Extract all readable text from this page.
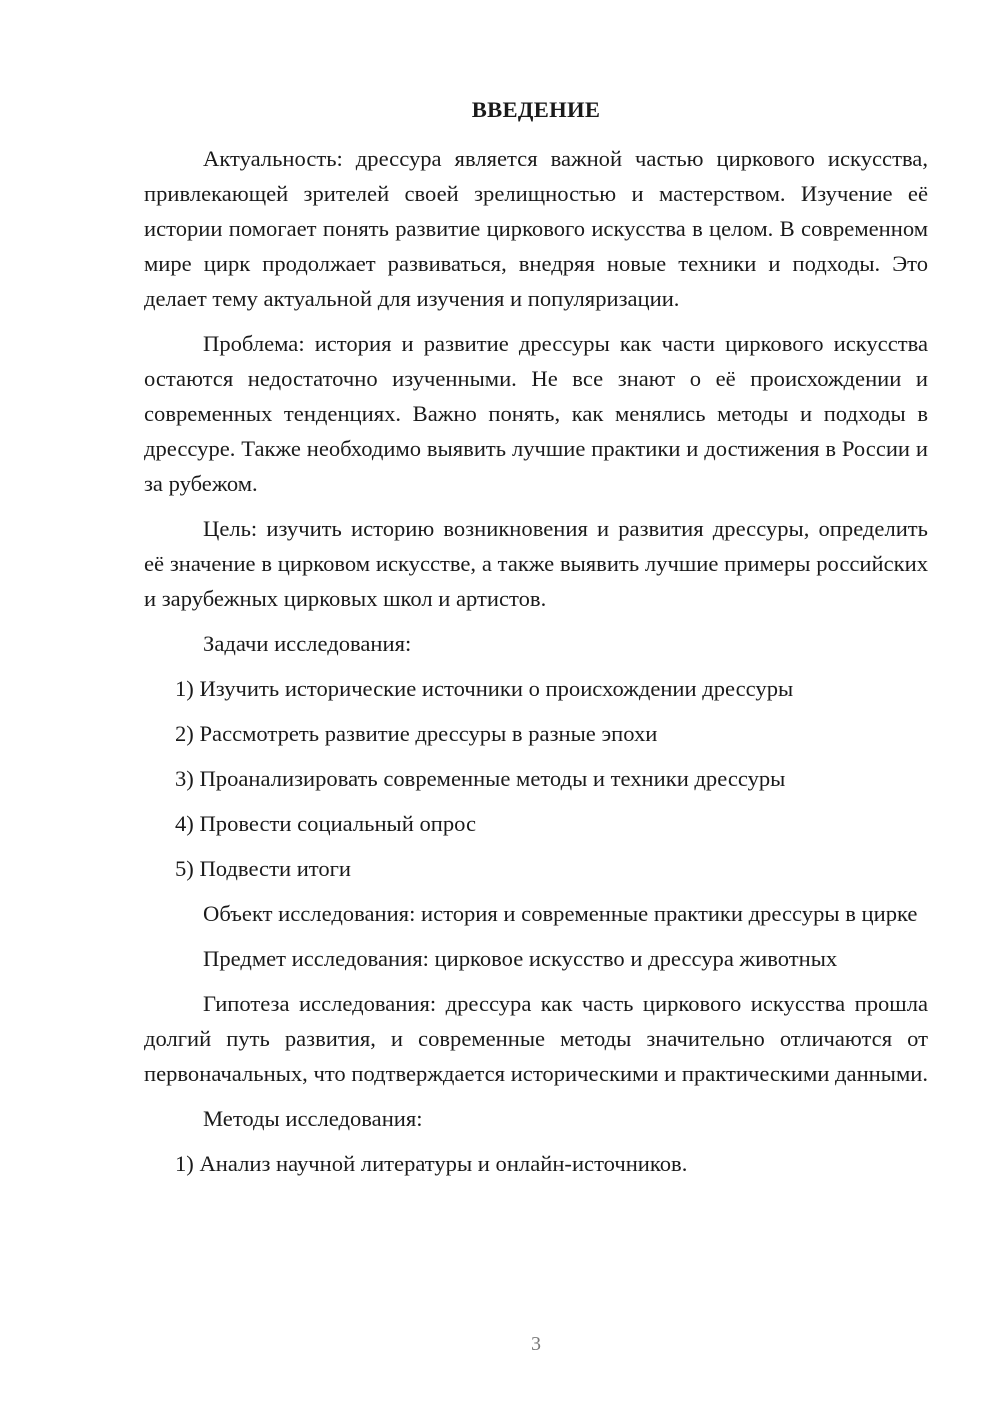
ВВЕДЕНИЕ

Актуальность: дрессура является важной частью циркового искусства, привлекающей зрителей своей зрелищностью и мастерством. Изучение её истории помогает понять развитие циркового искусства в целом. В современном мире цирк продолжает развиваться, внедряя новые техники и подходы. Это делает тему актуальной для изучения и популяризации.

Проблема: история и развитие дрессуры как части циркового искусства остаются недостаточно изученными. Не все знают о её происхождении и современных тенденциях. Важно понять, как менялись методы и подходы в дрессуре. Также необходимо выявить лучшие практики и достижения в России и за рубежом.

Цель: изучить историю возникновения и развития дрессуры, определить её значение в цирковом искусстве, а также выявить лучшие примеры российских и зарубежных цирковых школ и артистов.

Задачи исследования:

1) Изучить исторические источники о происхождении дрессуры
2) Рассмотреть развитие дрессуры в разные эпохи
3) Проанализировать современные методы и техники дрессуры
4) Провести социальный опрос
5) Подвести итоги

Объект исследования: история и современные практики дрессуры в цирке

Предмет исследования: цирковое искусство и дрессура животных

Гипотеза исследования: дрессура как часть циркового искусства прошла долгий путь развития, и современные методы значительно отличаются от первоначальных, что подтверждается историческими и практическими данными.

Методы исследования:

1) Анализ научной литературы и онлайн-источников.
3
